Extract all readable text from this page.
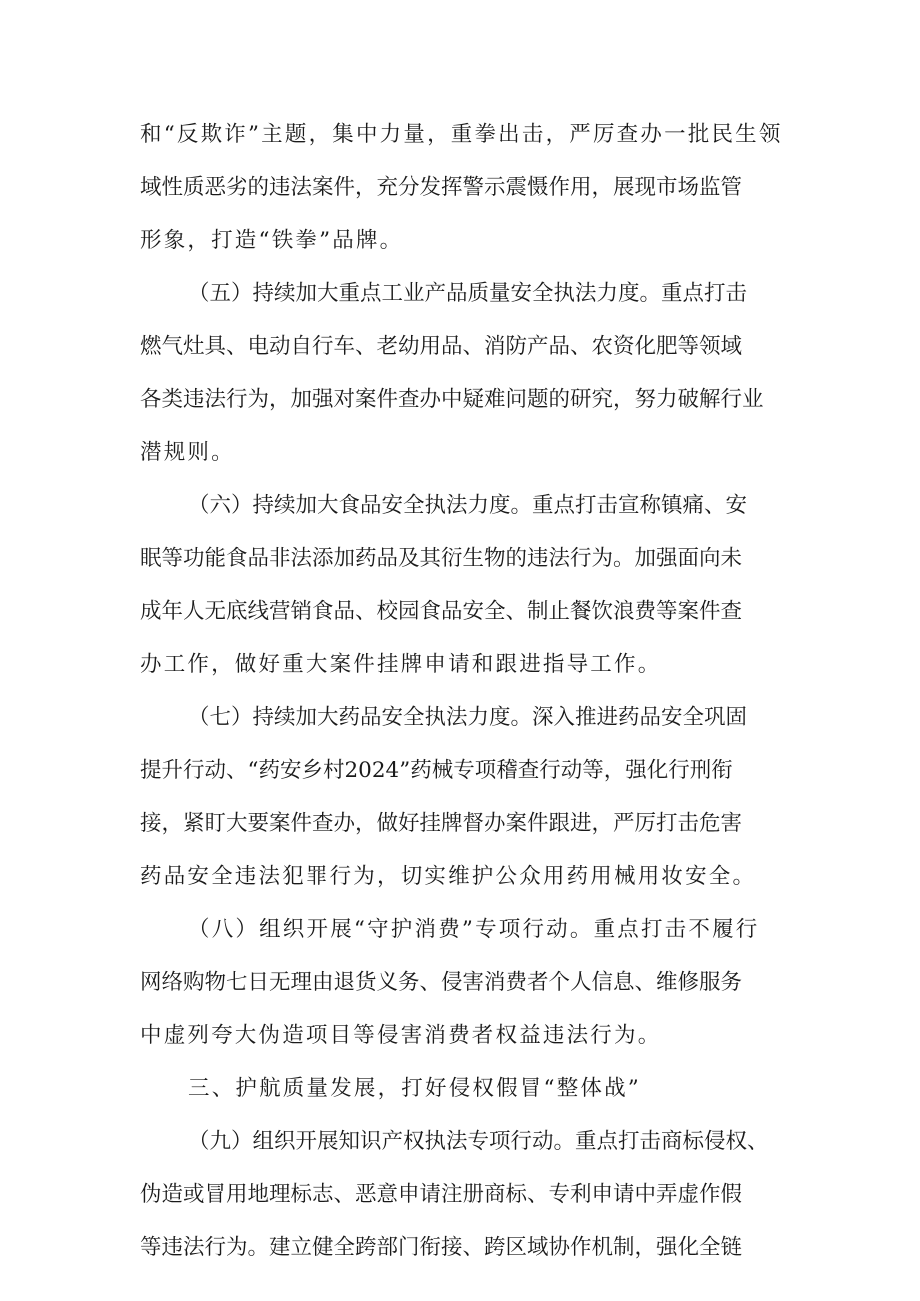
和“反欺诈”主题，集中力量，重拳出击，严厉查办一批民生领
域性质恶劣的违法案件，充分发挥警示震慑作用，展现市场监管
形象，打造“铁拳”品牌。
（五）持续加大重点工业产品质量安全执法力度。重点打击
燃气灶具、电动自行车、老幼用品、消防产品、农资化肥等领域
各类违法行为，加强对案件查办中疑难问题的研究，努力破解行业
潜规则。
（六）持续加大食品安全执法力度。重点打击宣称镇痛、安
眠等功能食品非法添加药品及其衍生物的违法行为。加强面向未
成年人无底线营销食品、校园食品安全、制止餐饮浪费等案件查
办工作，做好重大案件挂牌申请和跟进指导工作。
（七）持续加大药品安全执法力度。深入推进药品安全巩固
提升行动、“药安乡村2024”药械专项稽查行动等，强化行刑衔
接，紧盯大要案件查办，做好挂牌督办案件跟进，严厉打击危害
药品安全违法犯罪行为，切实维护公众用药用械用妆安全。
（八）组织开展“守护消费”专项行动。重点打击不履行
网络购物七日无理由退货义务、侵害消费者个人信息、维修服务
中虚列夸大伪造项目等侵害消费者权益违法行为。
三、护航质量发展，打好侵权假冒“整体战”
（九）组织开展知识产权执法专项行动。重点打击商标侵权、
伪造或冒用地理标志、恶意申请注册商标、专利申请中弄虚作假
等违法行为。建立健全跨部门衔接、跨区域协作机制，强化全链
